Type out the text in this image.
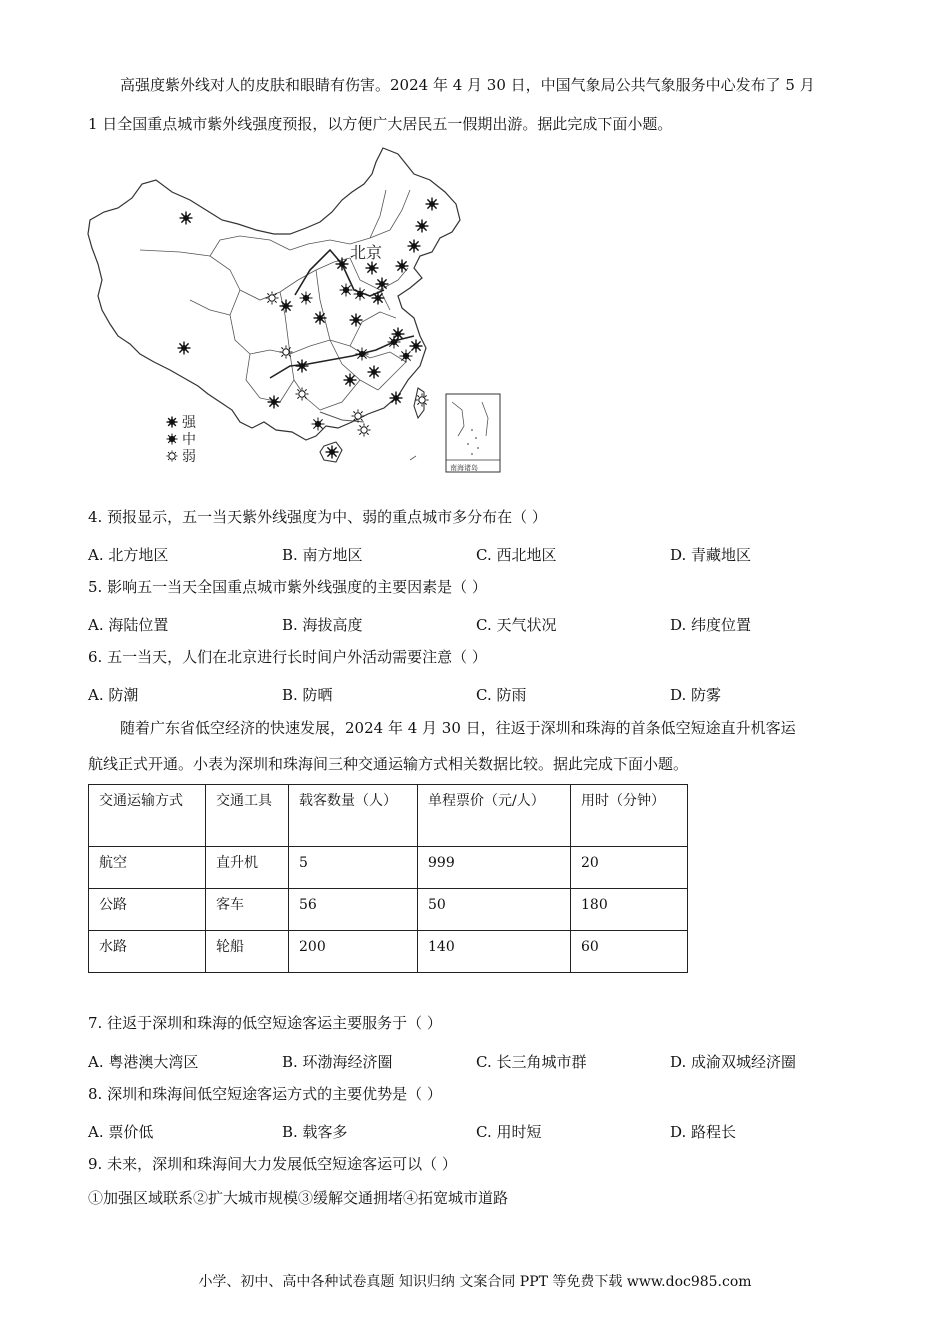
高强度紫外线对人的皮肤和眼睛有伤害。2024 年 4 月 30 日，中国气象局公共气象服务中心发布了 5 月
1 日全国重点城市紫外线强度预报，以方便广大居民五一假期出游。据此完成下面小题。
北京
南海诸岛
强
中
弱
4. 预报显示，五一当天紫外线强度为中、弱的重点城市多分布在（ ）
A. 北方地区	B. 南方地区	C. 西北地区	D. 青藏地区
5. 影响五一当天全国重点城市紫外线强度的主要因素是（ ）
A. 海陆位置	B. 海拔高度	C. 天气状况	D. 纬度位置
6. 五一当天，人们在北京进行长时间户外活动需要注意（ ）
A. 防潮	B. 防晒	C. 防雨	D. 防雾
随着广东省低空经济的快速发展，2024 年 4 月 30 日，往返于深圳和珠海的首条低空短途直升机客运
航线正式开通。小表为深圳和珠海间三种交通运输方式相关数据比较。据此完成下面小题。
交通运输方式	交通工具	载客数量（人）	单程票价（元/人）	用时（分钟）
航空	直升机	5	999	20
公路	客车	56	50	180
水路	轮船	200	140	60
7. 往返于深圳和珠海的低空短途客运主要服务于（ ）
A. 粤港澳大湾区	B. 环渤海经济圈	C. 长三角城市群	D. 成渝双城经济圈
8. 深圳和珠海间低空短途客运方式的主要优势是（ ）
A. 票价低	B. 载客多	C. 用时短	D. 路程长
9. 未来，深圳和珠海间大力发展低空短途客运可以（ ）
①加强区域联系②扩大城市规模③缓解交通拥堵④拓宽城市道路
小学、初中、高中各种试卷真题 知识归纳 文案合同 PPT 等免费下载 www.doc985.com
